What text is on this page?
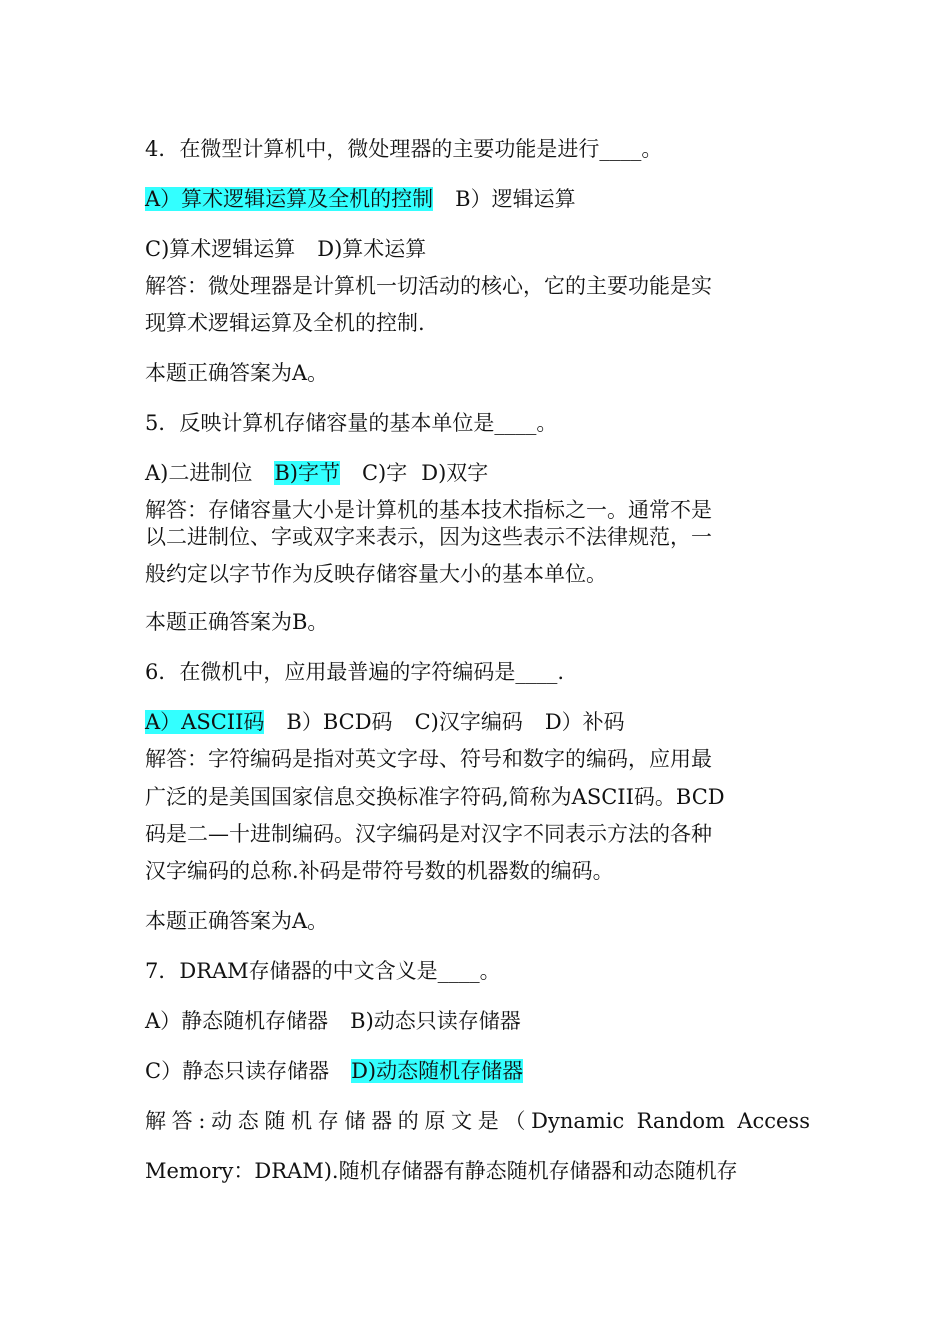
4．在微型计算机中，微处理器的主要功能是进行____。
A）算术逻辑运算及全机的控制 B）逻辑运算
C)算术逻辑运算 D)算术运算
解答：微处理器是计算机一切活动的核心，它的主要功能是实
现算术逻辑运算及全机的控制.
本题正确答案为A。
5．反映计算机存储容量的基本单位是____。
A)二进制位 B)字节 C)字 D)双字
解答：存储容量大小是计算机的基本技术指标之一。通常不是
以二进制位、字或双字来表示，因为这些表示不法律规范，一
般约定以字节作为反映存储容量大小的基本单位。
本题正确答案为B。
6．在微机中，应用最普遍的字符编码是____.
A）ASCII码 B）BCD码 C)汉字编码 D）补码
解答：字符编码是指对英文字母、符号和数字的编码，应用最
广泛的是美国国家信息交换标准字符码,简称为ASCII码。BCD
码是二—十进制编码。汉字编码是对汉字不同表示方法的各种
汉字编码的总称.补码是带符号数的机器数的编码。
本题正确答案为A。
7．DRAM存储器的中文含义是____。
A）静态随机存储器 B)动态只读存储器
C）静态只读存储器 D)动态随机存储器
解答:动态随机存储器的原文是（Dynamic Random Access
Memory：DRAM).随机存储器有静态随机存储器和动态随机存
